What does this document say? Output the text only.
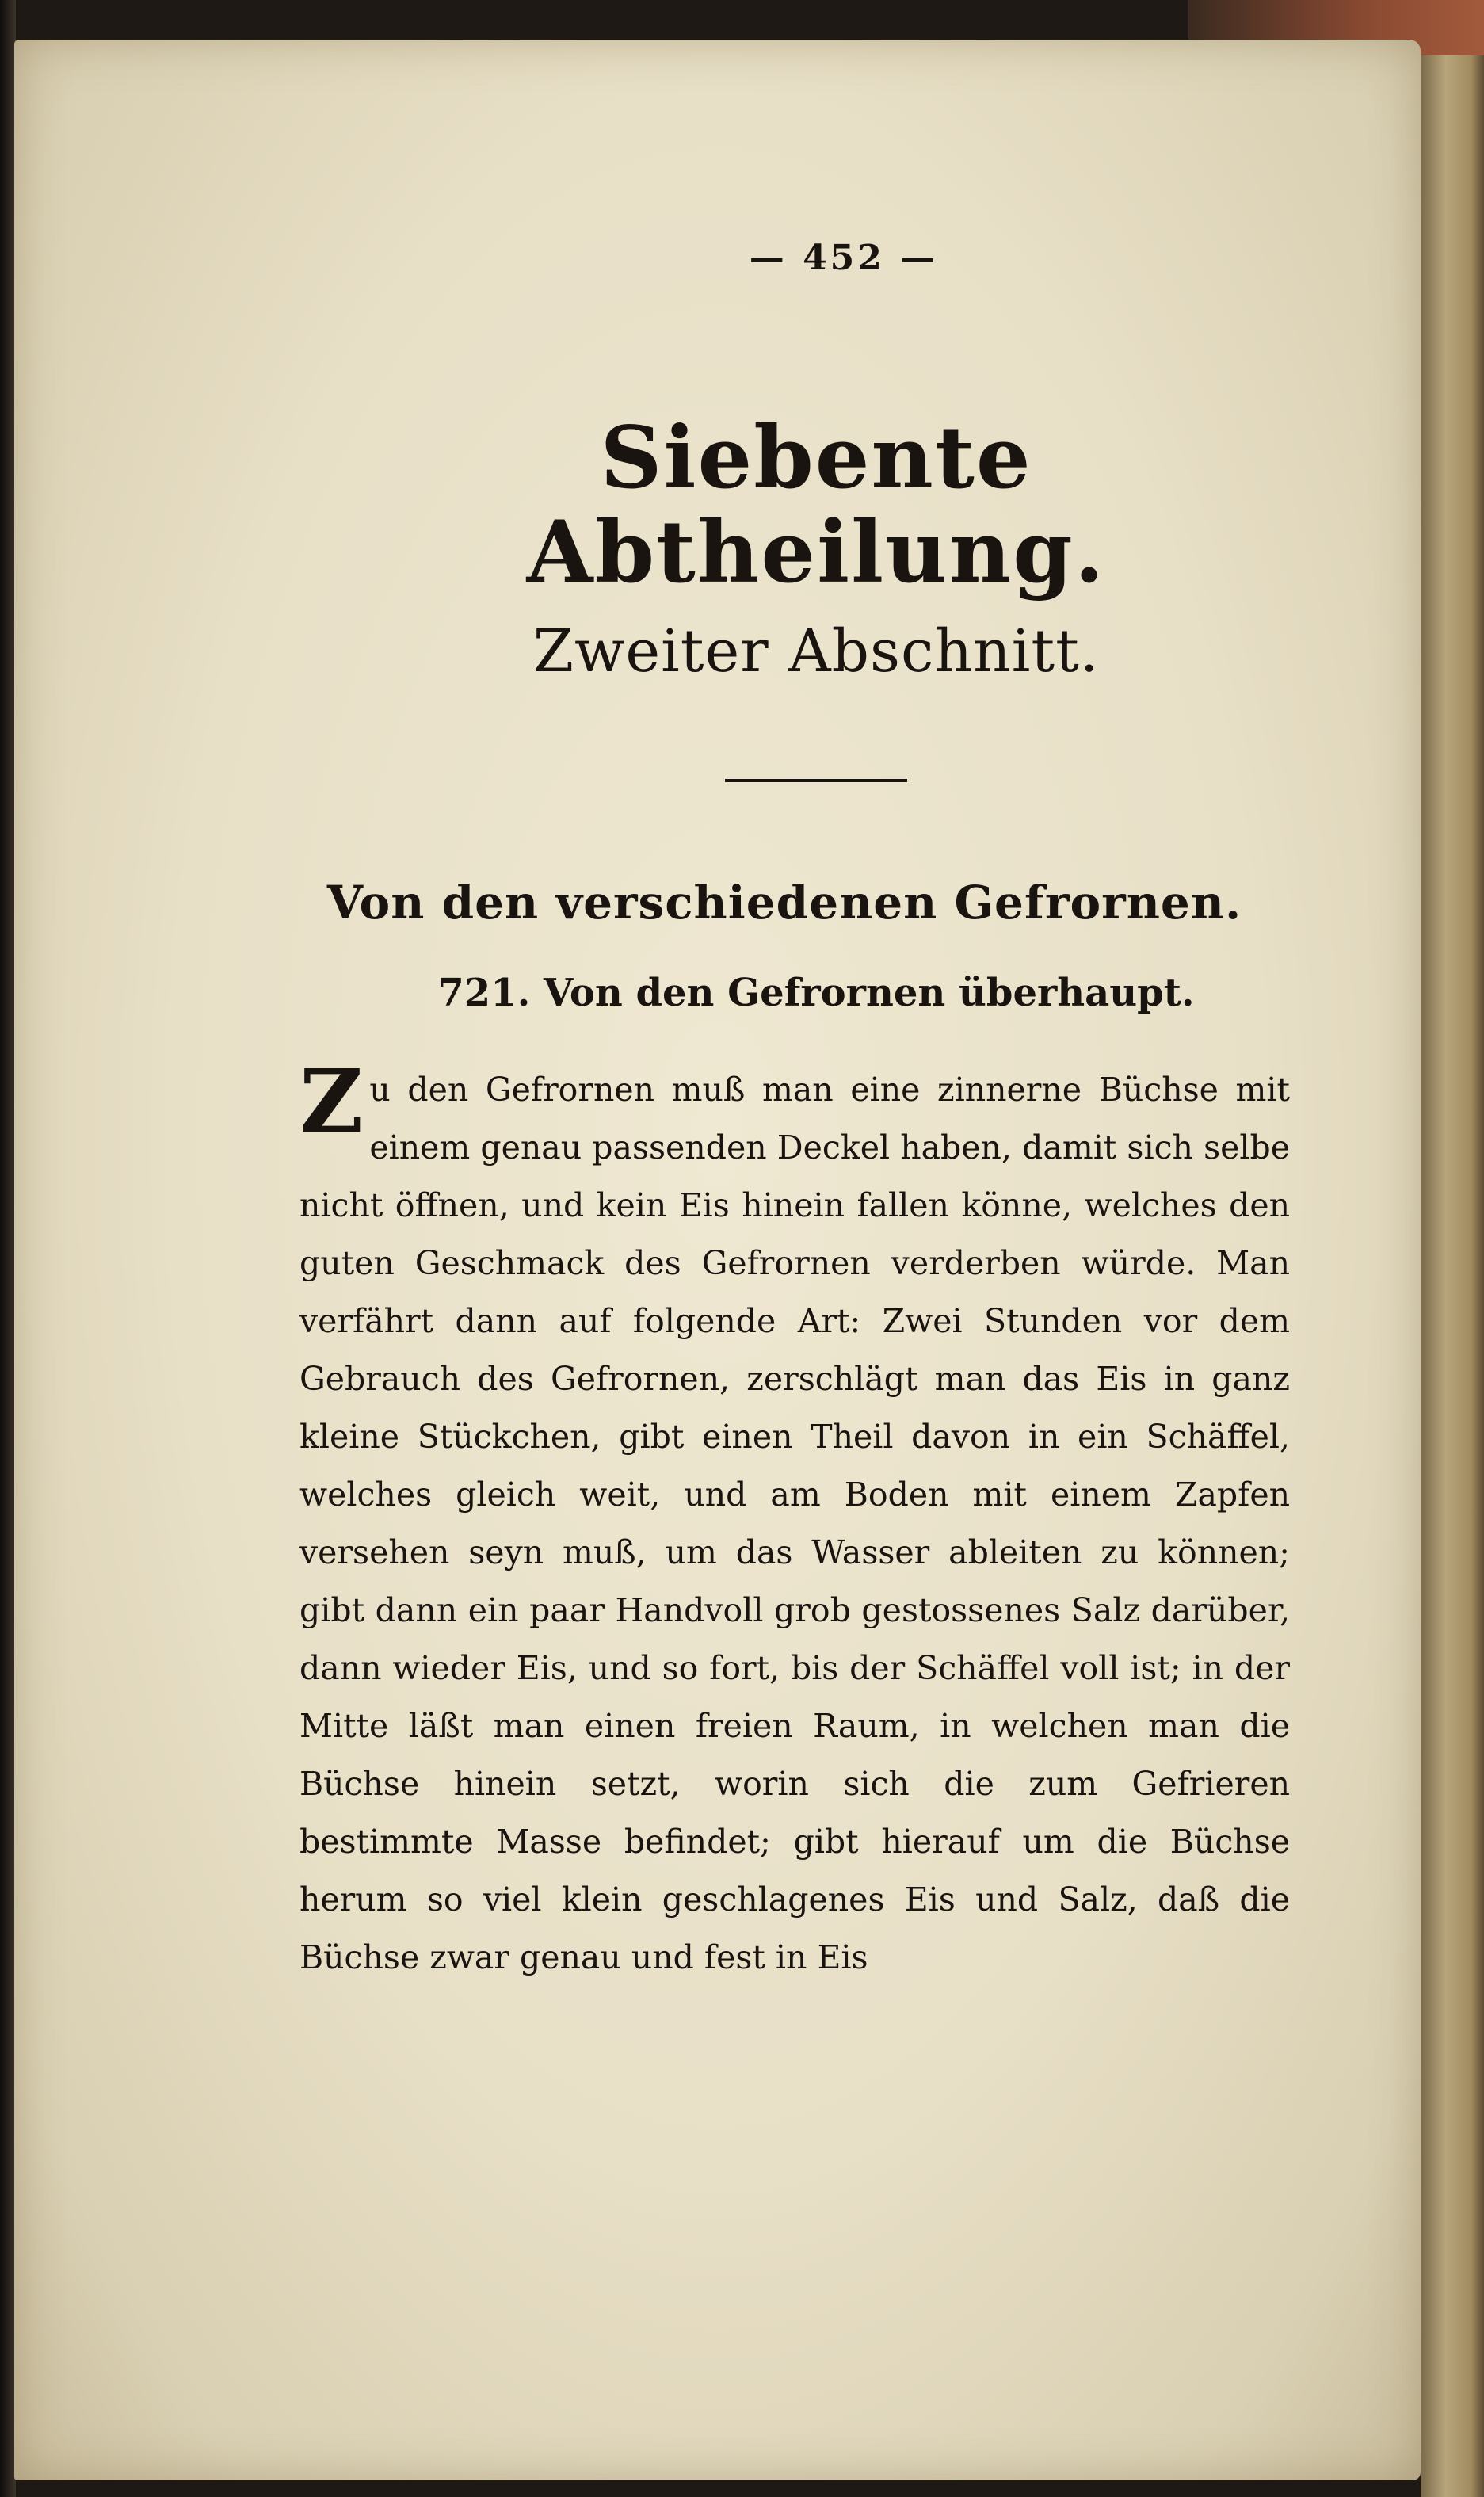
— 452 —
Siebente Abtheilung.
Zweiter Abschnitt.
Von den verschiedenen Gefrornen.
721. Von den Gefrornen überhaupt.
Zu den Gefrornen muß man eine zinnerne Büchse mit einem genau passenden Deckel haben, damit sich selbe nicht öffnen, und kein Eis hinein fallen könne, welches den guten Geschmack des Gefrornen verderben würde. Man verfährt dann auf folgende Art: Zwei Stunden vor dem Gebrauch des Gefrornen, zerschlägt man das Eis in ganz kleine Stückchen, gibt einen Theil davon in ein Schäffel, welches gleich weit, und am Boden mit einem Zapfen versehen seyn muß, um das Wasser ableiten zu können; gibt dann ein paar Handvoll grob gestossenes Salz darüber, dann wieder Eis, und so fort, bis der Schäffel voll ist; in der Mitte läßt man einen freien Raum, in welchen man die Büchse hinein setzt, worin sich die zum Gefrieren bestimmte Masse befindet; gibt hierauf um die Büchse herum so viel klein geschlagenes Eis und Salz, daß die Büchse zwar genau und fest in Eis
